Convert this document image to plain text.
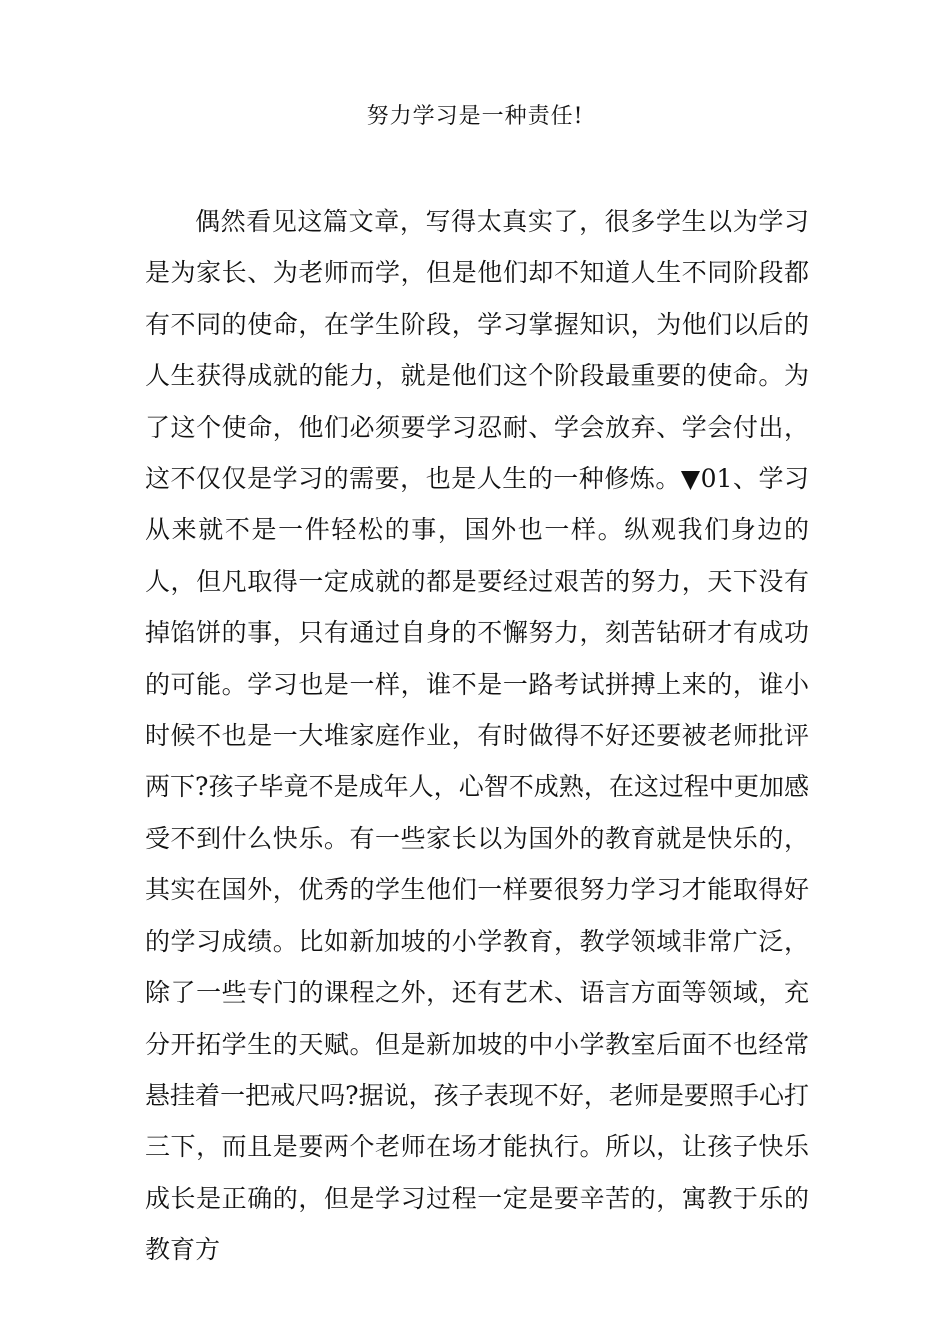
努力学习是一种责任!

偶然看见这篇文章，写得太真实了，很多学生以为学习是为家长、为老师而学，但是他们却不知道人生不同阶段都有不同的使命，在学生阶段，学习掌握知识，为他们以后的人生获得成就的能力，就是他们这个阶段最重要的使命。为了这个使命，他们必须要学习忍耐、学会放弃、学会付出，这不仅仅是学习的需要，也是人生的一种修炼。▼01、学习从来就不是一件轻松的事，国外也一样。纵观我们身边的人，但凡取得一定成就的都是要经过艰苦的努力，天下没有掉馅饼的事，只有通过自身的不懈努力，刻苦钻研才有成功的可能。学习也是一样，谁不是一路考试拼搏上来的，谁小时候不也是一大堆家庭作业，有时做得不好还要被老师批评两下?孩子毕竟不是成年人，心智不成熟，在这过程中更加感受不到什么快乐。有一些家长以为国外的教育就是快乐的，其实在国外，优秀的学生他们一样要很努力学习才能取得好的学习成绩。比如新加坡的小学教育，教学领域非常广泛，除了一些专门的课程之外，还有艺术、语言方面等领域，充分开拓学生的天赋。但是新加坡的中小学教室后面不也经常悬挂着一把戒尺吗?据说，孩子表现不好，老师是要照手心打三下，而且是要两个老师在场才能执行。所以，让孩子快乐成长是正确的，但是学习过程一定是要辛苦的，寓教于乐的教育方
